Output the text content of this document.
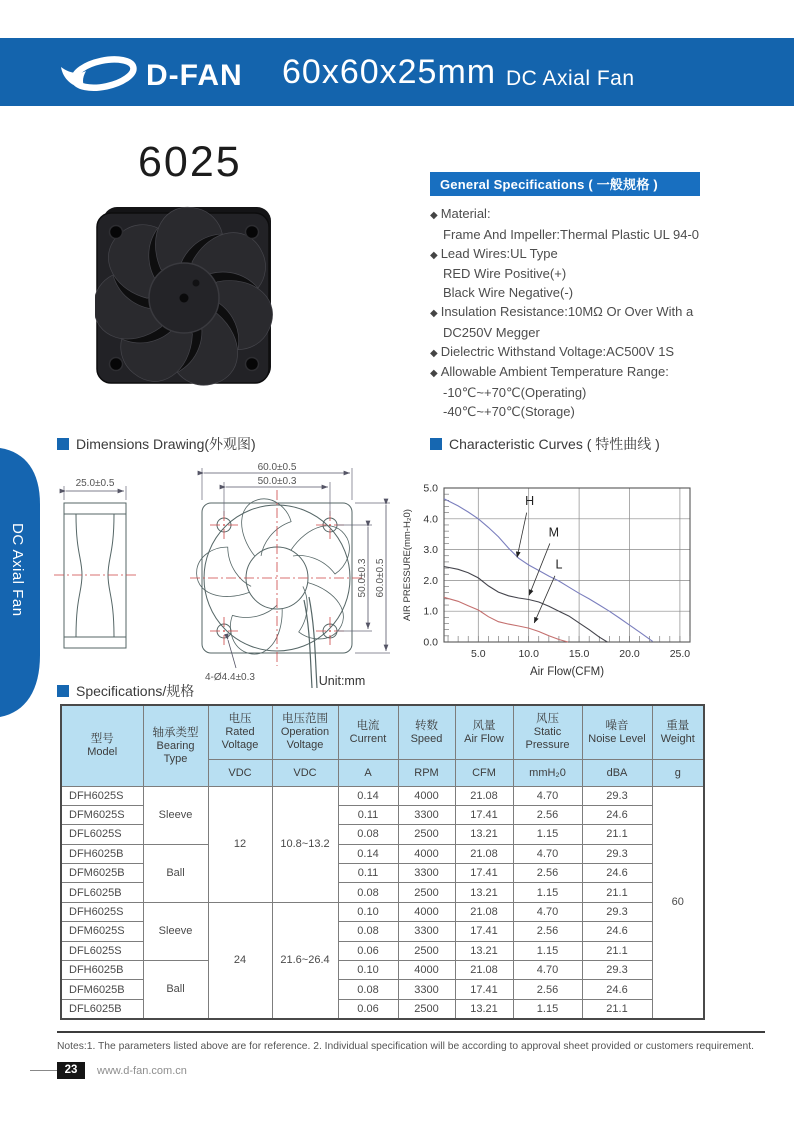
D-FAN 60x60x25mm DC Axial Fan
DC Axial Fan
6025	General Specifications ( 一般规格 )
◆ Material:
Frame And Impeller:Thermal Plastic UL 94-0
◆ Lead Wires:UL Type
RED Wire Positive(+)
Black Wire Negative(-)
◆ Insulation Resistance:10MΩ Or Over With a
DC250V Megger
◆ Dielectric Withstand Voltage:AC500V 1S
◆ Allowable Ambient Temperature Range:
-10℃~+70℃(Operating)
-40℃~+70℃(Storage)
Dimensions Drawing(外观图)	Characteristic Curves ( 特性曲线 )
Specifications/规格
25.0±0.5
60.0±0.5
50.0±0.3
50.0±0.3 60.0±0.5
4-Ø4.4±0.3	Unit:mm
0.0
1.0
2.0
3.0
4.0
5.0
5.0	10.0	15.0	20.0	25.0
H
M
L
Air Flow(CFM)
AIR PRESSURE(mm-H₂0)
型号
Model

轴承类型
Bearing Type

电压
Rated Voltage

电压范围
Operation Voltage

电流
Current

转数
Speed

风量
Air Flow

风压
Static Pressure

噪音
Noise Level

重量
Weight

		VDC	VDC	A	RPM	CFM	mmH₂0	dBA	g
DFH6025S	Sleeve	12	10.8~13.2	0.14	4000	21.08	4.70	29.3	60
DFM6025S				0.11	3300	17.41	2.56	24.6	
DFL6025S				0.08	2500	13.21	1.15	21.1	
DFH6025B	Ball			0.14	4000	21.08	4.70	29.3	
DFM6025B				0.11	3300	17.41	2.56	24.6	
DFL6025B				0.08	2500	13.21	1.15	21.1	
DFH6025S	Sleeve	24	21.6~26.4	0.10	4000	21.08	4.70	29.3	
DFM6025S				0.08	3300	17.41	2.56	24.6	
DFL6025S				0.06	2500	13.21	1.15	21.1	
DFH6025B	Ball			0.10	4000	21.08	4.70	29.3	
DFM6025B				0.08	3300	17.41	2.56	24.6	
DFL6025B				0.06	2500	13.21	1.15	21.1	
Notes:1. The parameters listed above are for reference. 2. Individual specification will be according to approval sheet provided or customers requirement.
23	www.d-fan.com.cn
